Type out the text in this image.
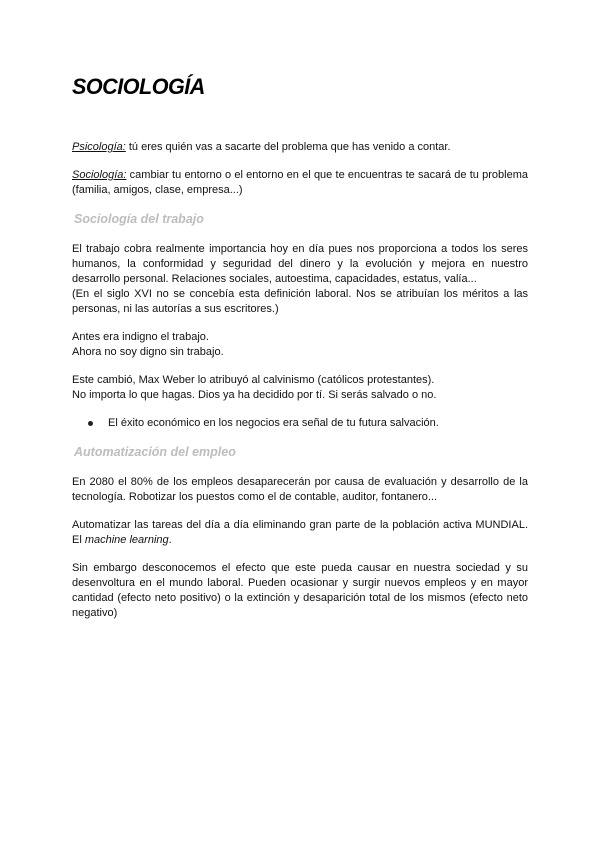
SOCIOLOGÍA

Psicología: tú eres quién vas a sacarte del problema que has venido a contar.

Sociología: cambiar tu entorno o el entorno en el que te encuentras te sacará de tu problema (familia, amigos, clase, empresa...)

Sociología del trabajo

El trabajo cobra realmente importancia hoy en día pues nos proporciona a todos los seres humanos, la conformidad y seguridad del dinero y la evolución y mejora en nuestro desarrollo personal. Relaciones sociales, autoestima, capacidades, estatus, valía...

(En el siglo XVI no se concebía esta definición laboral. Nos se atribuían los méritos a las personas, ni las autorías a sus escritores.)

Antes era indigno el trabajo.

Ahora no soy digno sin trabajo.

Este cambió, Max Weber lo atribuyó al calvinismo (católicos protestantes).

No importa lo que hagas. Dios ya ha decidido por tí. Si serás salvado o no.

El éxito económico en los negocios era señal de tu futura salvación.

Automatización del empleo

En 2080 el 80% de los empleos desaparecerán por causa de evaluación y desarrollo de la tecnología. Robotizar los puestos como el de contable, auditor, fontanero...

Automatizar las tareas del día a día eliminando gran parte de la población activa MUNDIAL. El machine learning.

Sin embargo desconocemos el efecto que este pueda causar en nuestra sociedad y su desenvoltura en el mundo laboral. Pueden ocasionar y surgir nuevos empleos y en mayor cantidad (efecto neto positivo) o la extinción y desaparición total de los mismos (efecto neto negativo)
